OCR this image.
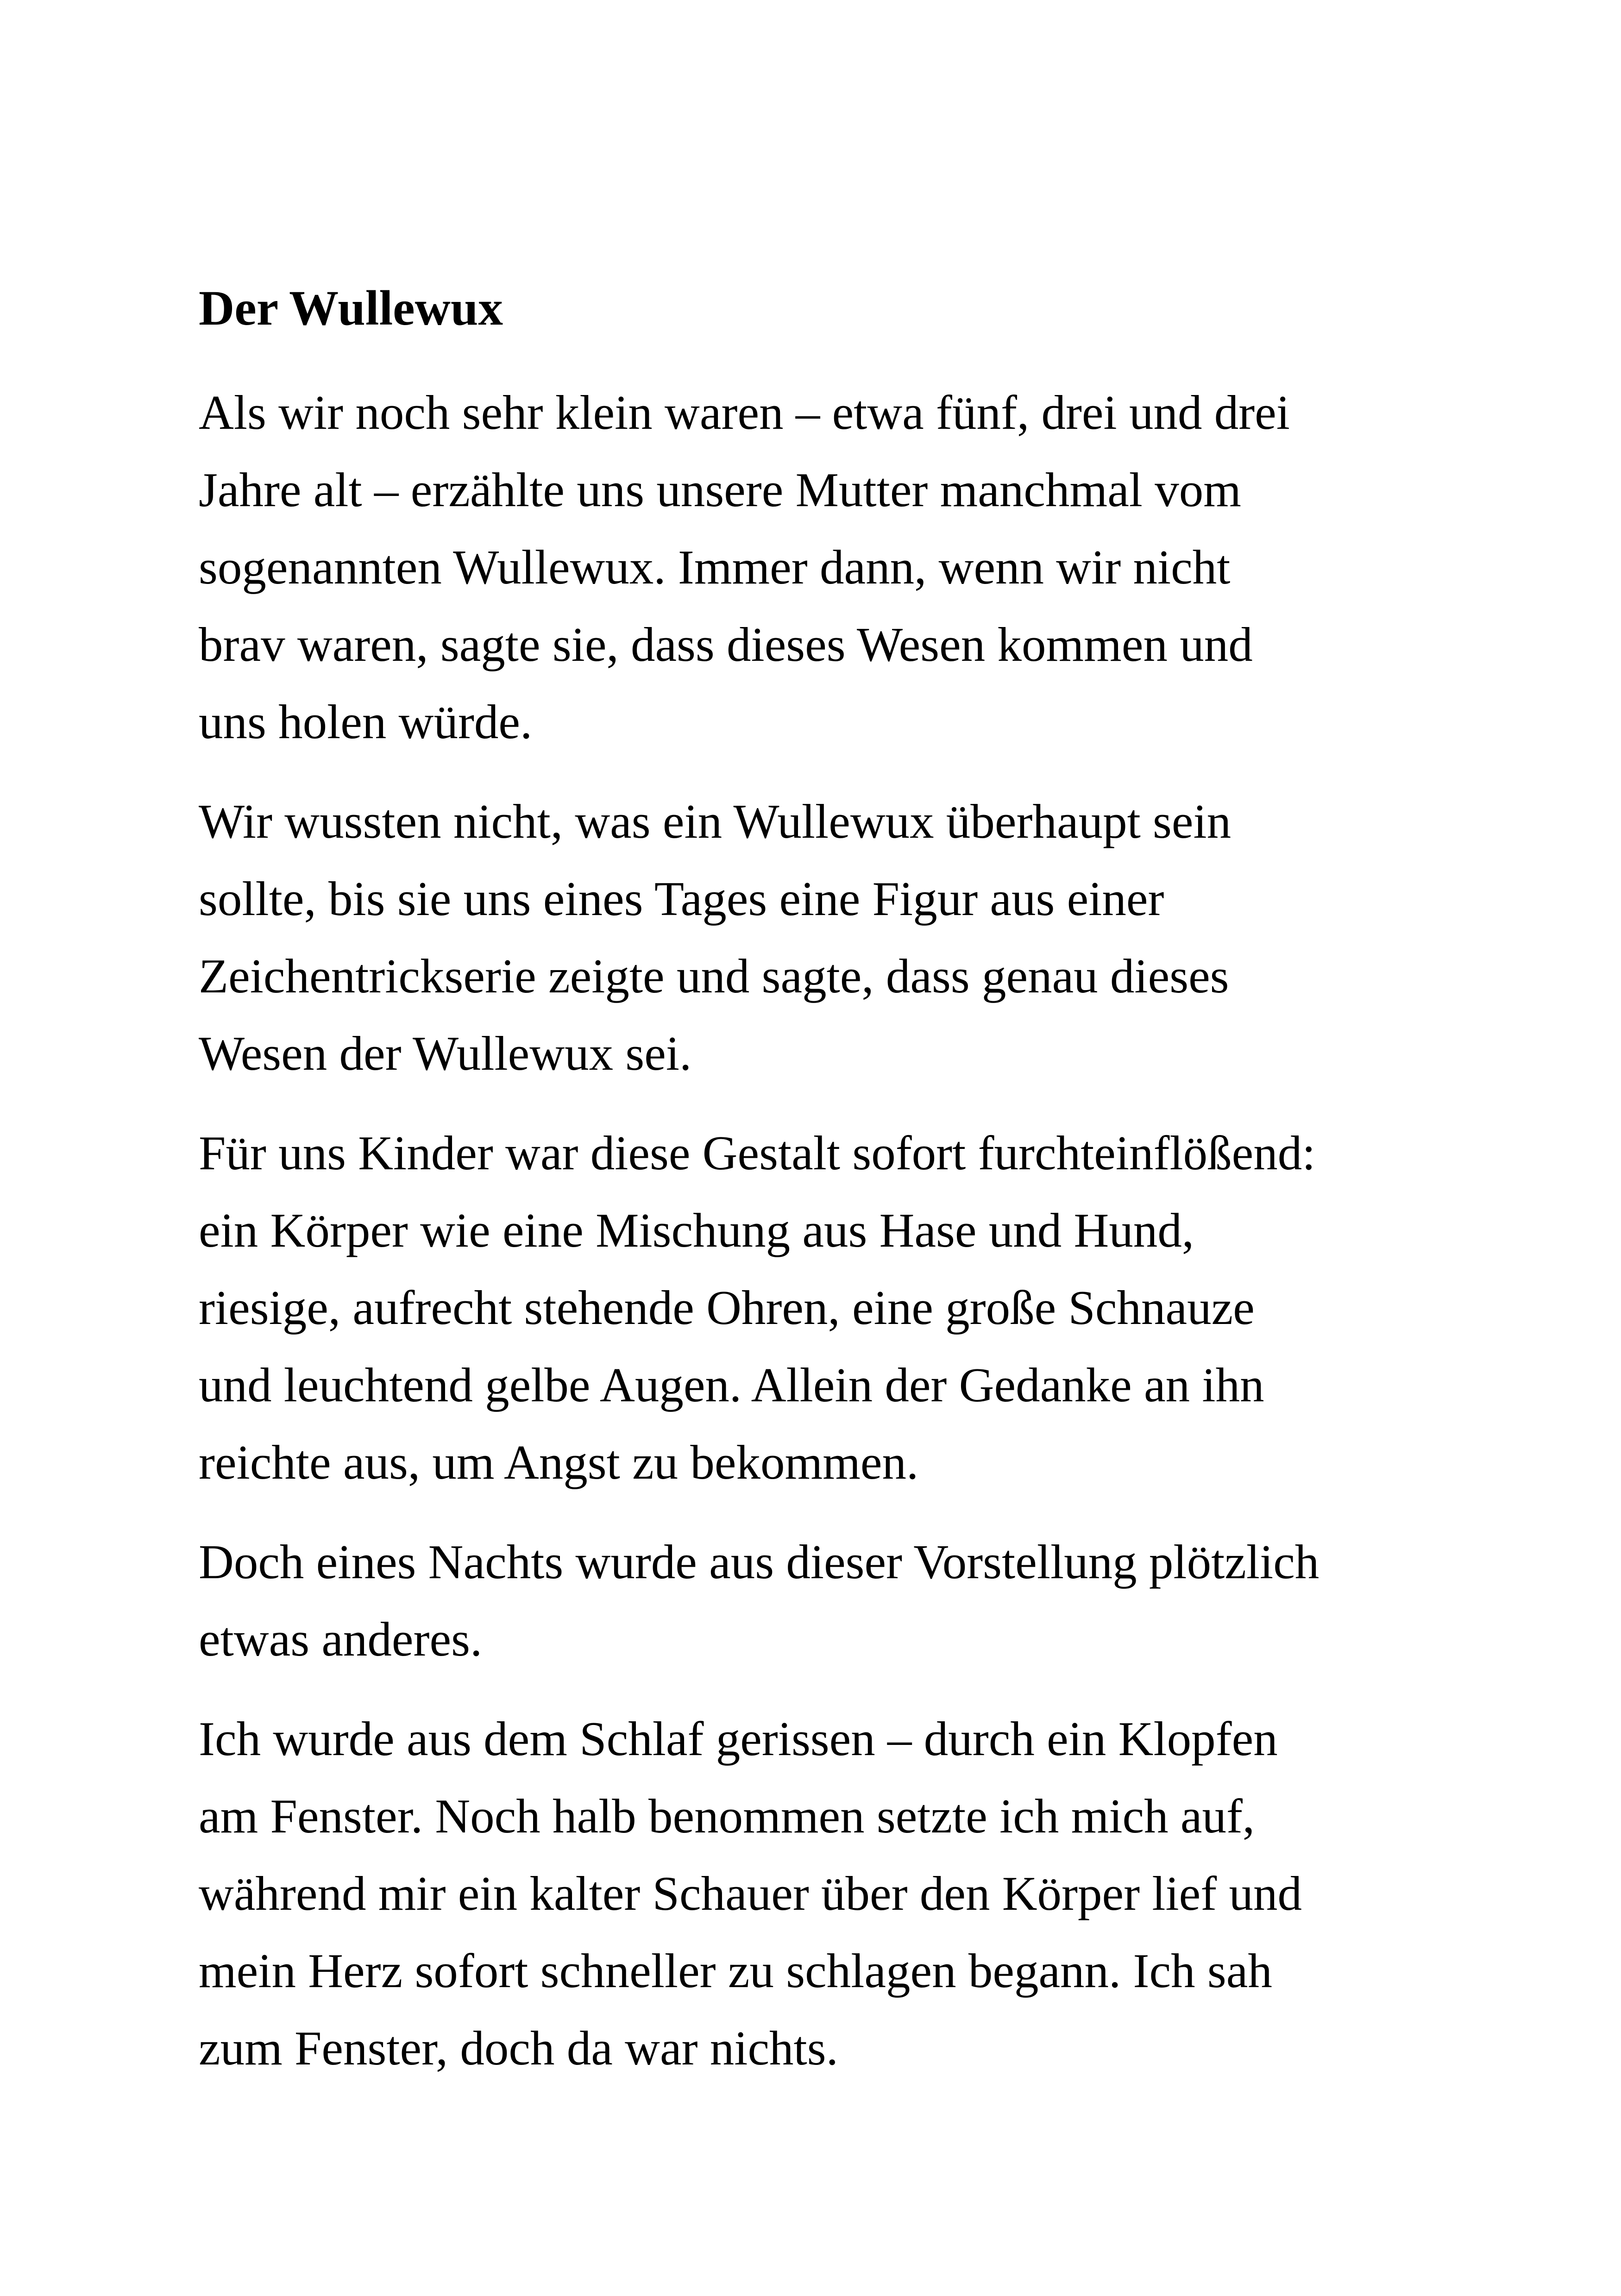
Der Wullewux

Als wir noch sehr klein waren – etwa fünf, drei und drei
Jahre alt – erzählte uns unsere Mutter manchmal vom
sogenannten Wullewux. Immer dann, wenn wir nicht
brav waren, sagte sie, dass dieses Wesen kommen und
uns holen würde.

Wir wussten nicht, was ein Wullewux überhaupt sein
sollte, bis sie uns eines Tages eine Figur aus einer
Zeichentrickserie zeigte und sagte, dass genau dieses
Wesen der Wullewux sei.

Für uns Kinder war diese Gestalt sofort furchteinflößend:
ein Körper wie eine Mischung aus Hase und Hund,
riesige, aufrecht stehende Ohren, eine große Schnauze
und leuchtend gelbe Augen. Allein der Gedanke an ihn
reichte aus, um Angst zu bekommen.

Doch eines Nachts wurde aus dieser Vorstellung plötzlich
etwas anderes.

Ich wurde aus dem Schlaf gerissen – durch ein Klopfen
am Fenster. Noch halb benommen setzte ich mich auf,
während mir ein kalter Schauer über den Körper lief und
mein Herz sofort schneller zu schlagen begann. Ich sah
zum Fenster, doch da war nichts.
